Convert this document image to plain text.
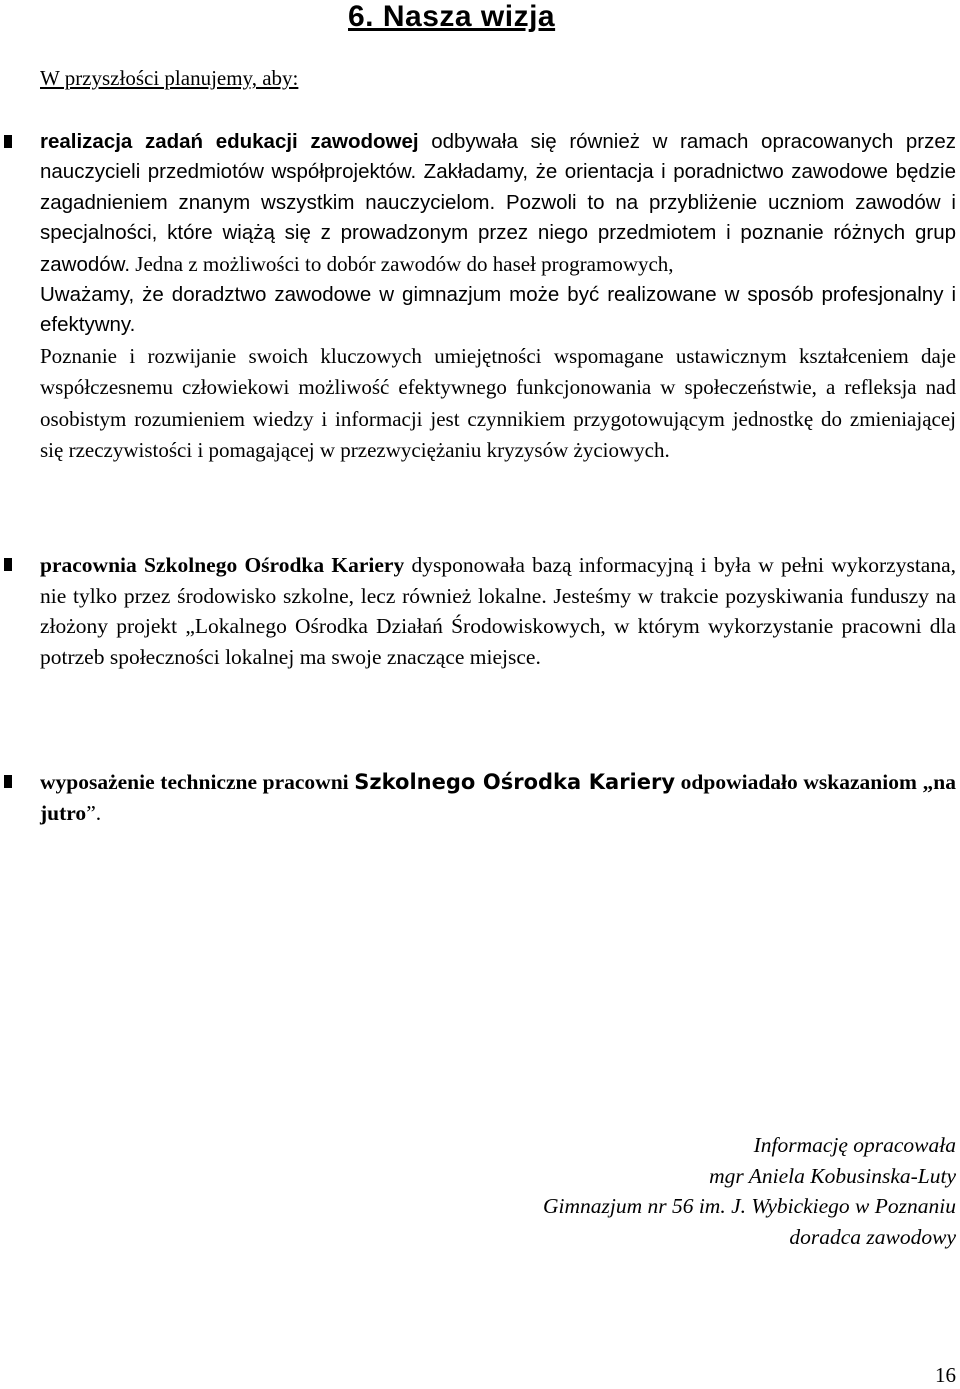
6. Nasza wizja
W przyszłości planujemy, aby:
realizacja zadań edukacji zawodowej odbywała się również w ramach opracowanych przez nauczycieli przedmiotów współprojektów. Zakładamy, że orientacja i poradnictwo zawodowe będzie zagadnieniem znanym wszystkim nauczycielom. Pozwoli to na przybliżenie uczniom zawodów i specjalności, które wiążą się z prowadzonym przez niego przedmiotem i poznanie różnych grup zawodów. Jedna z możliwości to dobór zawodów do haseł programowych,
Uważamy, że doradztwo zawodowe w gimnazjum może być realizowane w sposób profesjonalny i efektywny.
Poznanie i rozwijanie swoich kluczowych umiejętności wspomagane ustawicznym kształceniem daje współczesnemu człowiekowi możliwość efektywnego funkcjonowania w społeczeństwie, a refleksja nad osobistym rozumieniem wiedzy i informacji jest czynnikiem przygotowującym jednostkę do zmieniającej się rzeczywistości i pomagającej w przezwyciężaniu kryzysów życiowych.
pracownia Szkolnego Ośrodka Kariery dysponowała bazą informacyjną i była w pełni wykorzystana, nie tylko przez środowisko szkolne, lecz również lokalne. Jesteśmy w trakcie pozyskiwania funduszy na złożony projekt „Lokalnego Ośrodka Działań Środowiskowych, w którym wykorzystanie pracowni dla potrzeb społeczności lokalnej ma swoje znaczące miejsce.
wyposażenie techniczne pracowni Szkolnego Ośrodka Kariery odpowiadało wskazaniom „na jutro”.
Informację opracowała
mgr Aniela Kobusinska-Luty
Gimnazjum nr 56 im. J. Wybickiego w Poznaniu
doradca zawodowy
16
